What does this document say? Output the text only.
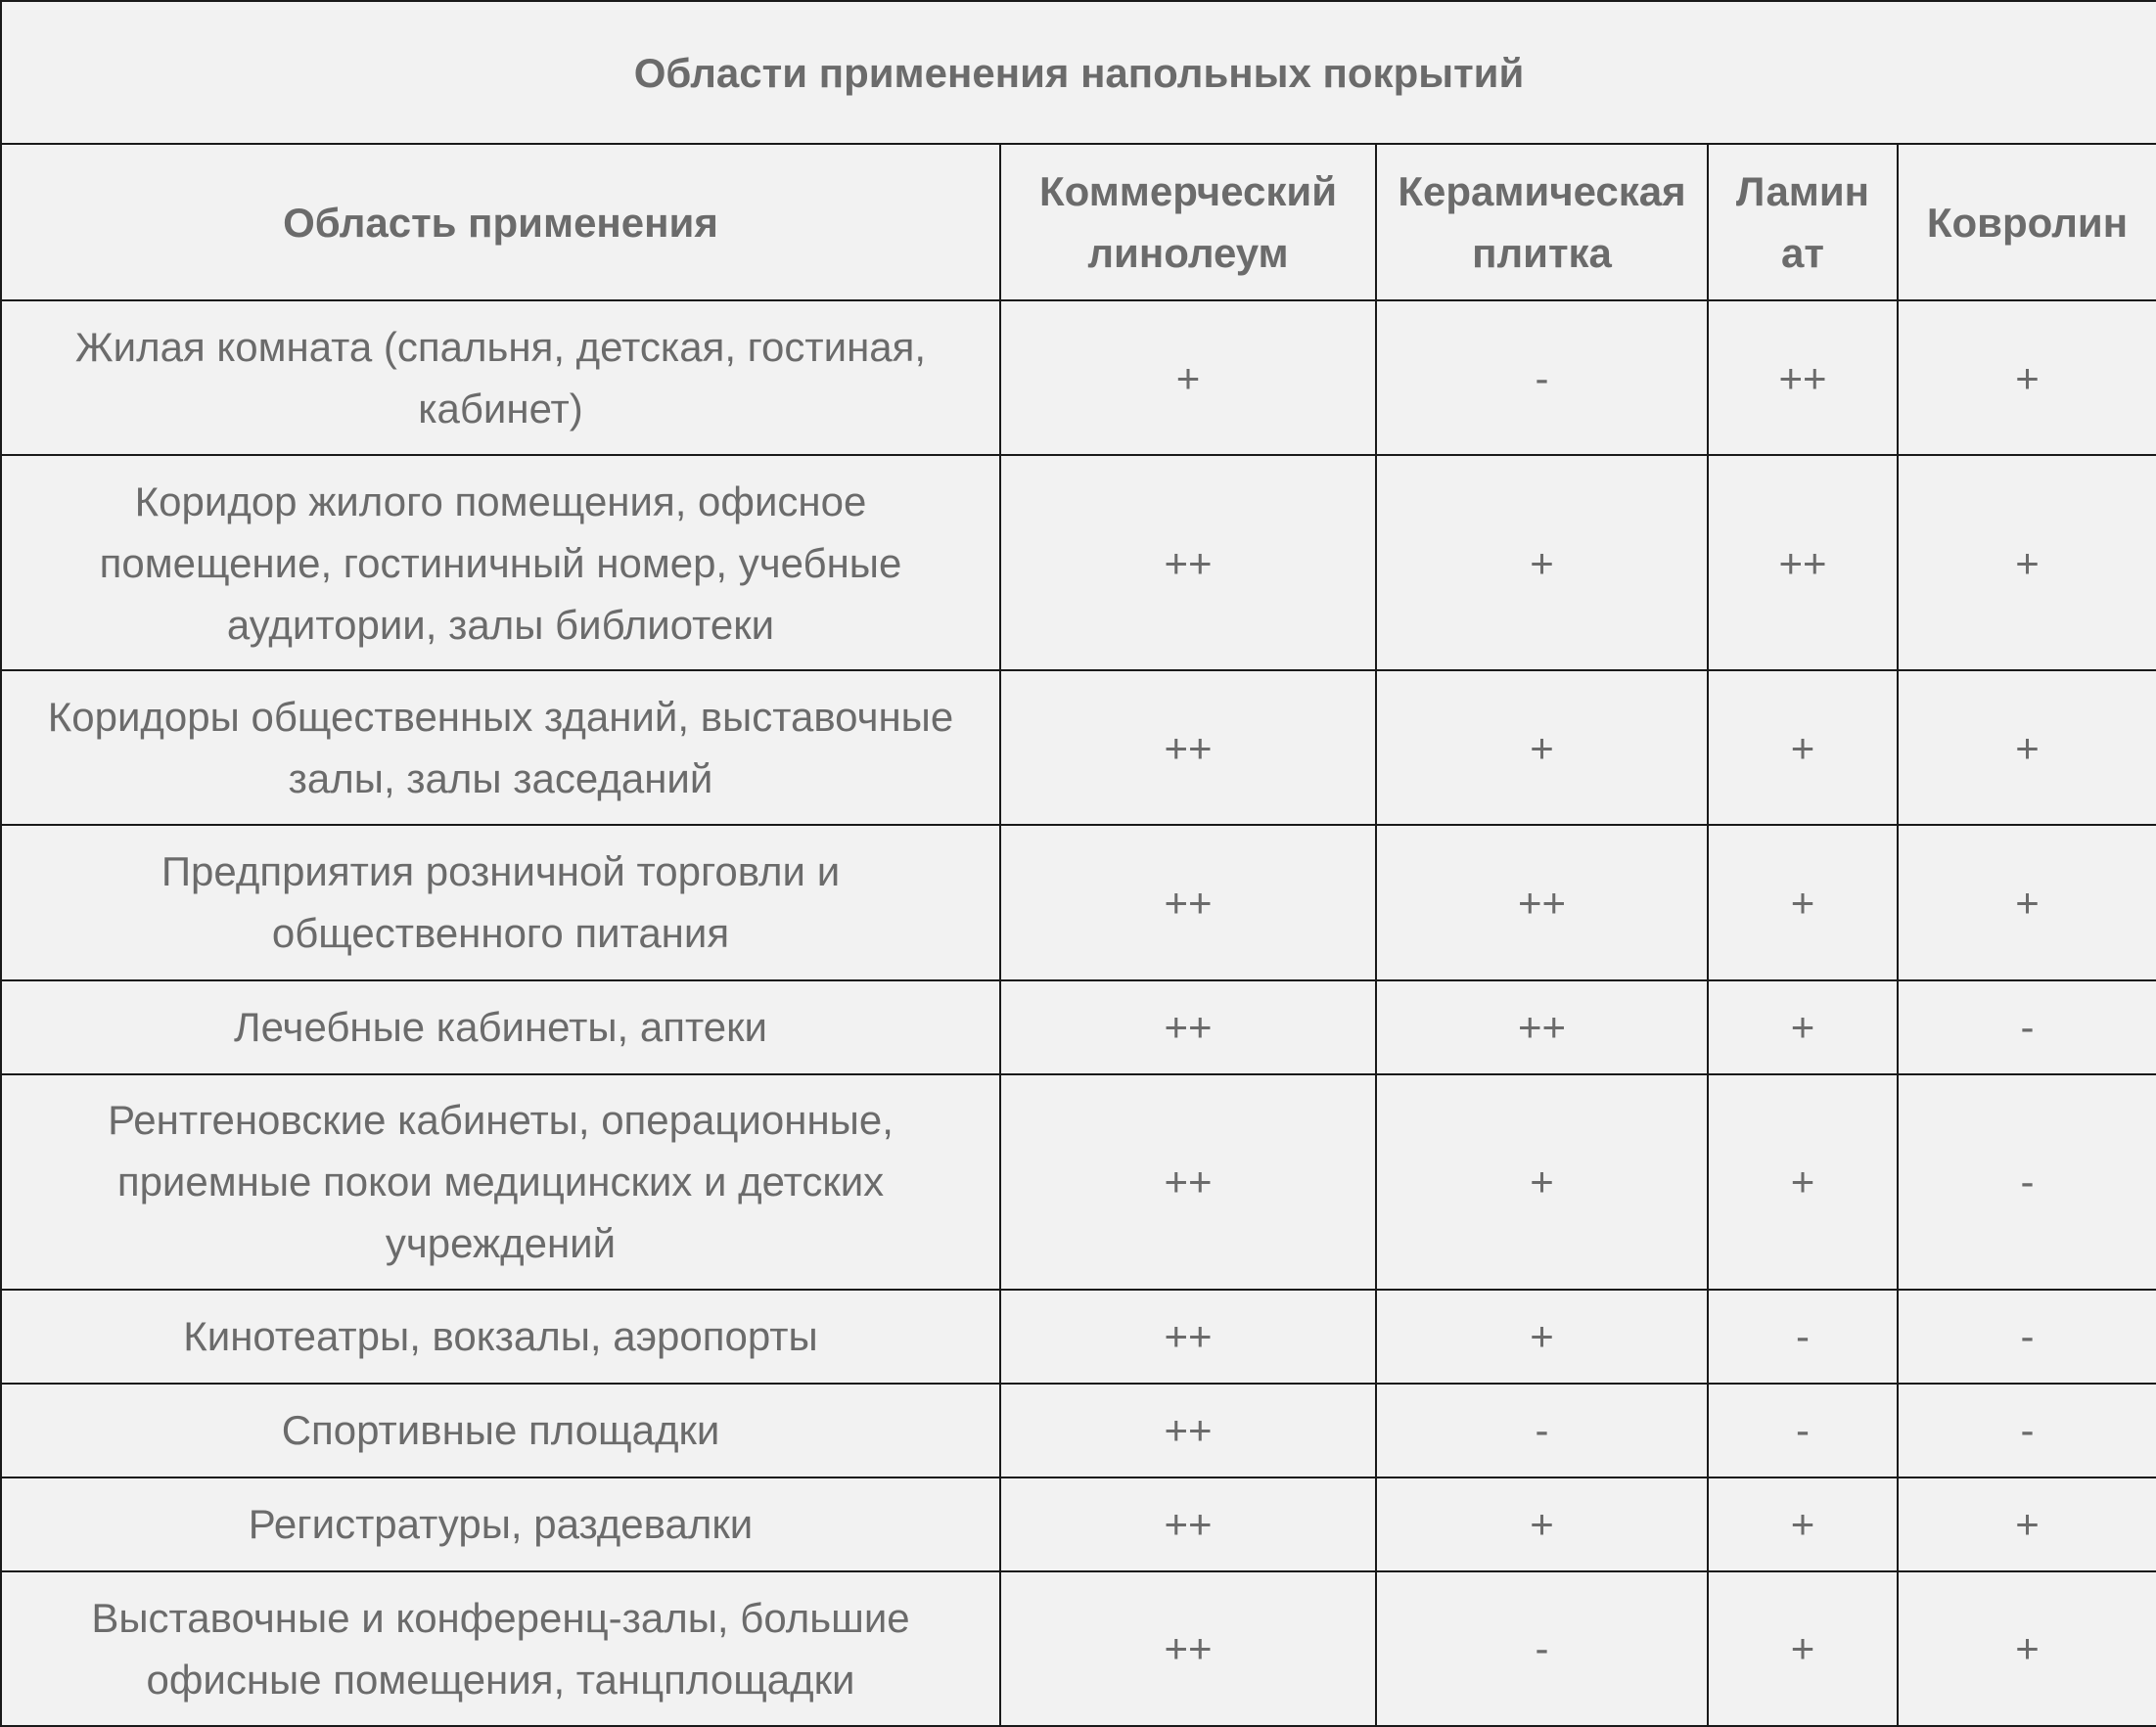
Области применения напольных покрытий				
Область применения	Коммерческий линолеум	Керамическая плитка	Ламин ат	Ковролин
Жилая комната (спальня, детская, гостиная, кабинет)	+	-	++	+
Коридор жилого помещения, офисное помещение, гостиничный номер, учебные аудитории, залы библиотеки	++	+	++	+
Коридоры общественных зданий, выставочные залы, залы заседаний	++	+	+	+
Предприятия розничной торговли и общественного питания	++	++	+	+
Лечебные кабинеты, аптеки	++	++	+	-
Рентгеновские кабинеты, операционные, приемные покои медицинских и детских учреждений	++	+	+	-
Кинотеатры, вокзалы, аэропорты	++	+	-	-
Спортивные площадки	++	-	-	-
Регистратуры, раздевалки	++	+	+	+
Выставочные и конференц-залы, большие офисные помещения, танцплощадки	++	-	+	+
